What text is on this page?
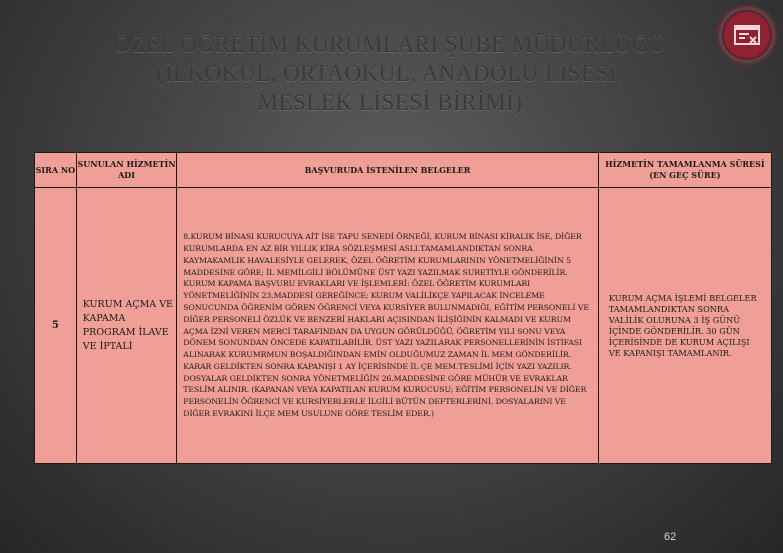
ÖZEL ÖĞRETİM KURUMLARI ŞUBE MÜDÜRLÜĞÜ
(İLKOKUL, ORTAOKUL, ANADOLU LİSESİ,
MESLEK LİSESİ BİRİMİ)
SIRA NO	SUNULAN HİZMETİN ADI	BAŞVURUDA İSTENİLEN BELGELER	HİZMETİN TAMAMLANMA SÜRESİ (EN GEÇ SÜRE)
5	KURUM AÇMA VE KAPAMA PROGRAM İLAVE VE İPTALİ	8.KURUM BİNASI KURUCUYA AİT İSE TAPU SENEDİ ÖRNEĞİ, KURUM BİNASI KİRALIK İSE, DİĞER KURUMLARDA EN AZ BİR YILLIK KİRA SÖZLEŞMESİ ASLI.TAMAMLANDIKTAN SONRA KAYMAKAMLIK HAVALESİYLE GELEREK, ÖZEL ÖĞRETİM KURUMLARININ YÖNETMELİĞİNİN 5 MADDESİNE GÖRE; İL MEMİLGİLİ BÖLÜMÜNE ÜST YAZI YAZILMAK SURETİYLE GÖNDERİLİR. KURUM KAPAMA BAŞVURU EVRAKLARI VE İŞLEMLERİ: ÖZEL ÖĞRETİM KURUMLARI YÖNETMELİĞİNİN 23.MADDESİ GEREĞİNCE; KURUM VALİLİKÇE YAPILACAK İNCELEME SONUCUNDA ÖĞRENİM GÖREN ÖĞRENCİ VEYA KURSİYER BULUNMADIĞI, EĞİTİM PERSONELİ VE DİĞER PERSONELİ ÖZLÜK VE BENZERİ HAKLARI AÇISINDAN İLİŞİĞİNİN KALMADI VE KURUM AÇMA İZNİ VEREN MERCİ TARAFINDAN DA UYGUN GÖRÜLDÜĞÜ, ÖĞRETİM YILI SONU VEYA DÖNEM SONUNDAN ÖNCEDE KAPATILABİLİR. ÜST YAZI YAZILARAK PERSONELLERİNİN İSTİFASI ALINARAK KURUMRMUN BOŞALDIĞINDAN EMİN OLDUĞUMUZ ZAMAN İL MEM GÖNDERİLİR. KARAR GELDİKTEN SONRA KAPANIŞI 1 AY İÇERİSİNDE İL ÇE MEM.TESLİMİ İÇİN YAZI YAZILIR. DOSYALAR GELDİKTEN SONRA YÖNETMELİĞİN 26.MADDESİNE GÖRE MÜHÜR VE EVRAKLAR TESLİM ALINIR. (KAPANAN VEYA KAPATILAN KURUM KURUCUSU; EĞİTİM PERSONELİN VE DİĞER PERSONELİN ÖĞRENCİ VE KURSİYERLERLE İLGİLİ BÜTÜN DEFTERLERİNİ, DOSYALARINI VE DİĞER EVRAKINI İLÇE MEM USULUNE GÖRE TESLİM EDER.)	KURUM AÇMA İŞLEMİ BELGELER TAMAMLANDIKTAN SONRA VALİLİK OLURUNA 3 İŞ GÜNÜ İÇİNDE GÖNDERİLİR. 30 GÜN İÇERİSİNDE DE KURUM AÇILIŞI VE KAPANIŞI TAMAMLANIR.
62
